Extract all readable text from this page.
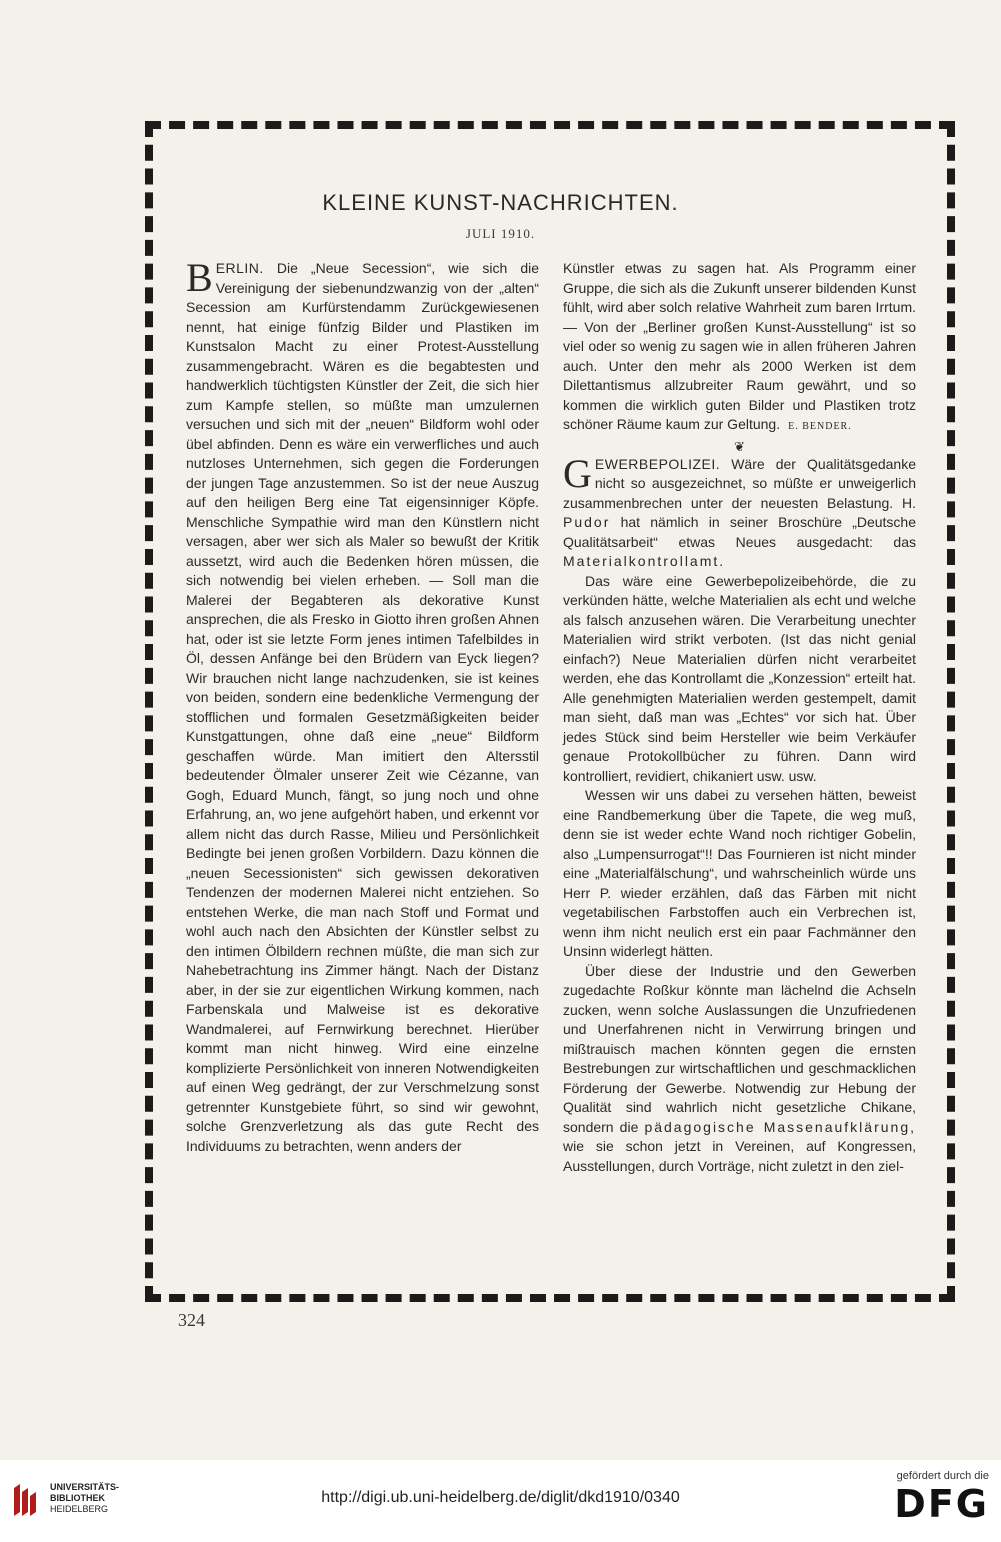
KLEINE KUNST-NACHRICHTEN.
JULI 1910.

BERLIN. Die „Neue Secession“, wie sich die Vereinigung der siebenundzwanzig von der „alten“ Secession am Kurfürstendamm Zurückgewiesenen nennt, hat einige fünfzig Bilder und Plastiken im Kunstsalon Macht zu einer Protest-Ausstellung zusammengebracht. Wären es die begabtesten und handwerklich tüchtigsten Künstler der Zeit, die sich hier zum Kampfe stellen, so müßte man umzulernen versuchen und sich mit der „neuen“ Bildform wohl oder übel abfinden. Denn es wäre ein verwerfliches und auch nutzloses Unternehmen, sich gegen die Forderungen der jungen Tage anzustemmen. So ist der neue Auszug auf den heiligen Berg eine Tat eigensinniger Köpfe. Menschliche Sympathie wird man den Künstlern nicht versagen, aber wer sich als Maler so bewußt der Kritik aussetzt, wird auch die Bedenken hören müssen, die sich notwendig bei vielen erheben. — Soll man die Malerei der Begabteren als dekorative Kunst ansprechen, die als Fresko in Giotto ihren großen Ahnen hat, oder ist sie letzte Form jenes intimen Tafelbildes in Öl, dessen Anfänge bei den Brüdern van Eyck liegen? Wir brauchen nicht lange nachzudenken, sie ist keines von beiden, sondern eine bedenkliche Vermengung der stofflichen und formalen Gesetzmäßigkeiten beider Kunstgattungen, ohne daß eine „neue“ Bildform geschaffen würde. Man imitiert den Altersstil bedeutender Ölmaler unserer Zeit wie Cézanne, van Gogh, Eduard Munch, fängt, so jung noch und ohne Erfahrung, an, wo jene aufgehört haben, und erkennt vor allem nicht das durch Rasse, Milieu und Persönlichkeit Bedingte bei jenen großen Vorbildern. Dazu können die „neuen Secessionisten“ sich gewissen dekorativen Tendenzen der modernen Malerei nicht entziehen. So entstehen Werke, die man nach Stoff und Format und wohl auch nach den Absichten der Künstler selbst zu den intimen Ölbildern rechnen müßte, die man sich zur Nahebetrachtung ins Zimmer hängt. Nach der Distanz aber, in der sie zur eigentlichen Wirkung kommen, nach Farbenskala und Malweise ist es dekorative Wandmalerei, auf Fernwirkung berechnet. Hierüber kommt man nicht hinweg. Wird eine einzelne komplizierte Persönlichkeit von inneren Notwendigkeiten auf einen Weg gedrängt, der zur Verschmelzung sonst getrennter Kunstgebiete führt, so sind wir gewohnt, solche Grenzverletzung als das gute Recht des Individuums zu betrachten, wenn anders der

Künstler etwas zu sagen hat. Als Programm einer Gruppe, die sich als die Zukunft unserer bildenden Kunst fühlt, wird aber solch relative Wahrheit zum baren Irrtum. — Von der „Berliner großen Kunst-Ausstellung“ ist so viel oder so wenig zu sagen wie in allen früheren Jahren auch. Unter den mehr als 2000 Werken ist dem Dilettantismus allzubreiter Raum gewährt, und so kommen die wirklich guten Bilder und Plastiken trotz schöner Räume kaum zur Geltung. E. BENDER.

❦

GEWERBEPOLIZEI. Wäre der Qualitätsgedanke nicht so ausgezeichnet, so müßte er unweigerlich zusammenbrechen unter der neuesten Belastung. H. Pudor hat nämlich in seiner Broschüre „Deutsche Qualitätsarbeit“ etwas Neues ausgedacht: das Materialkontrollamt.

Das wäre eine Gewerbepolizeibehörde, die zu verkünden hätte, welche Materialien als echt und welche als falsch anzusehen wären. Die Verarbeitung unechter Materialien wird strikt verboten. (Ist das nicht genial einfach?) Neue Materialien dürfen nicht verarbeitet werden, ehe das Kontrollamt die „Konzession“ erteilt hat. Alle genehmigten Materialien werden gestempelt, damit man sieht, daß man was „Echtes“ vor sich hat. Über jedes Stück sind beim Hersteller wie beim Verkäufer genaue Protokollbücher zu führen. Dann wird kontrolliert, revidiert, chikaniert usw. usw.

Wessen wir uns dabei zu versehen hätten, beweist eine Randbemerkung über die Tapete, die weg muß, denn sie ist weder echte Wand noch richtiger Gobelin, also „Lumpensurrogat“!! Das Fournieren ist nicht minder eine „Materialfälschung“, und wahrscheinlich würde uns Herr P. wieder erzählen, daß das Färben mit nicht vegetabilischen Farbstoffen auch ein Verbrechen ist, wenn ihm nicht neulich erst ein paar Fachmänner den Unsinn widerlegt hätten.

Über diese der Industrie und den Gewerben zugedachte Roßkur könnte man lächelnd die Achseln zucken, wenn solche Auslassungen die Unzufriedenen und Unerfahrenen nicht in Verwirrung bringen und mißtrauisch machen könnten gegen die ernsten Bestrebungen zur wirtschaftlichen und geschmacklichen Förderung der Gewerbe. Notwendig zur Hebung der Qualität sind wahrlich nicht gesetzliche Chikane, sondern die pädagogische Massenaufklärung, wie sie schon jetzt in Vereinen, auf Kongressen, Ausstellungen, durch Vorträge, nicht zuletzt in den ziel-

324
UNIVERSITÄTS-
BIBLIOTHEK
HEIDELBERG
http://digi.ub.uni-heidelberg.de/diglit/dkd1910/0340
gefördert durch die
DFG
